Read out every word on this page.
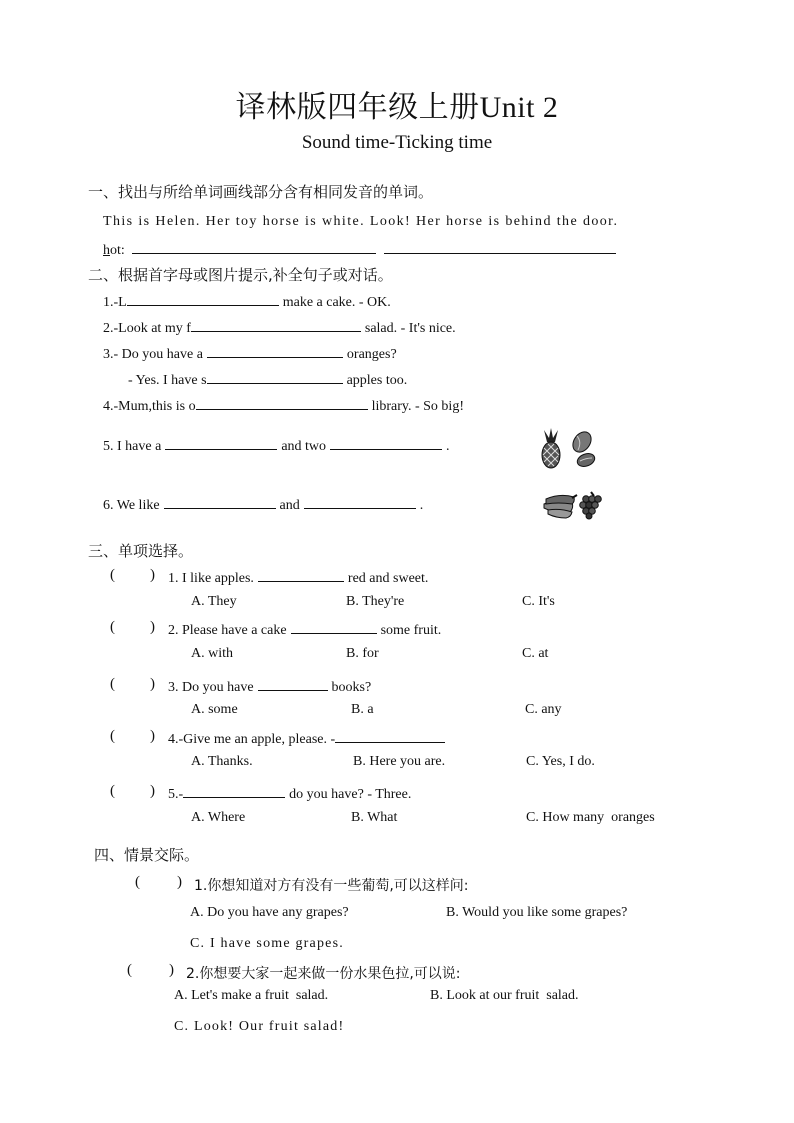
译林版四年级上册Unit 2
Sound time-Ticking time
一、找出与所给单词画线部分含有相同发音的单词。
This is Helen. Her toy horse is white. Look! Her horse is behind the door.
hot:
二、根据首字母或图片提示,补全句子或对话。
1.-L	make a cake. - OK.
2.-Look at my f	salad. - It's nice.
3.- Do you have a	oranges?
- Yes. I have s	apples too.
4.-Mum,this is o	library. - So big!
5. I have a	and two	.
6. We like	and	.
三、单项选择。
( ) 1. I like apples.	red and sweet.
A. They	B. They're	C. It's
( ) 2. Please have a cake	some fruit.
A. with	B. for	C. at
( ) 3. Do you have	books?
A. some	B. a	C. any
( ) 4.-Give me an apple, please. -
A. Thanks.	B. Here you are.	C. Yes, I do.
( ) 5.-	do you have? - Three.
A. Where	B. What	C. How many  oranges
四、情景交际。
( ) 1.你想知道对方有没有一些葡萄,可以这样问:
A. Do you have any grapes?	B. Would you like some grapes?
C. I have some grapes.
( ) 2.你想要大家一起来做一份水果色拉,可以说:
A. Let's make a fruit  salad.	B. Look at our fruit  salad.
C. Look! Our fruit salad!
